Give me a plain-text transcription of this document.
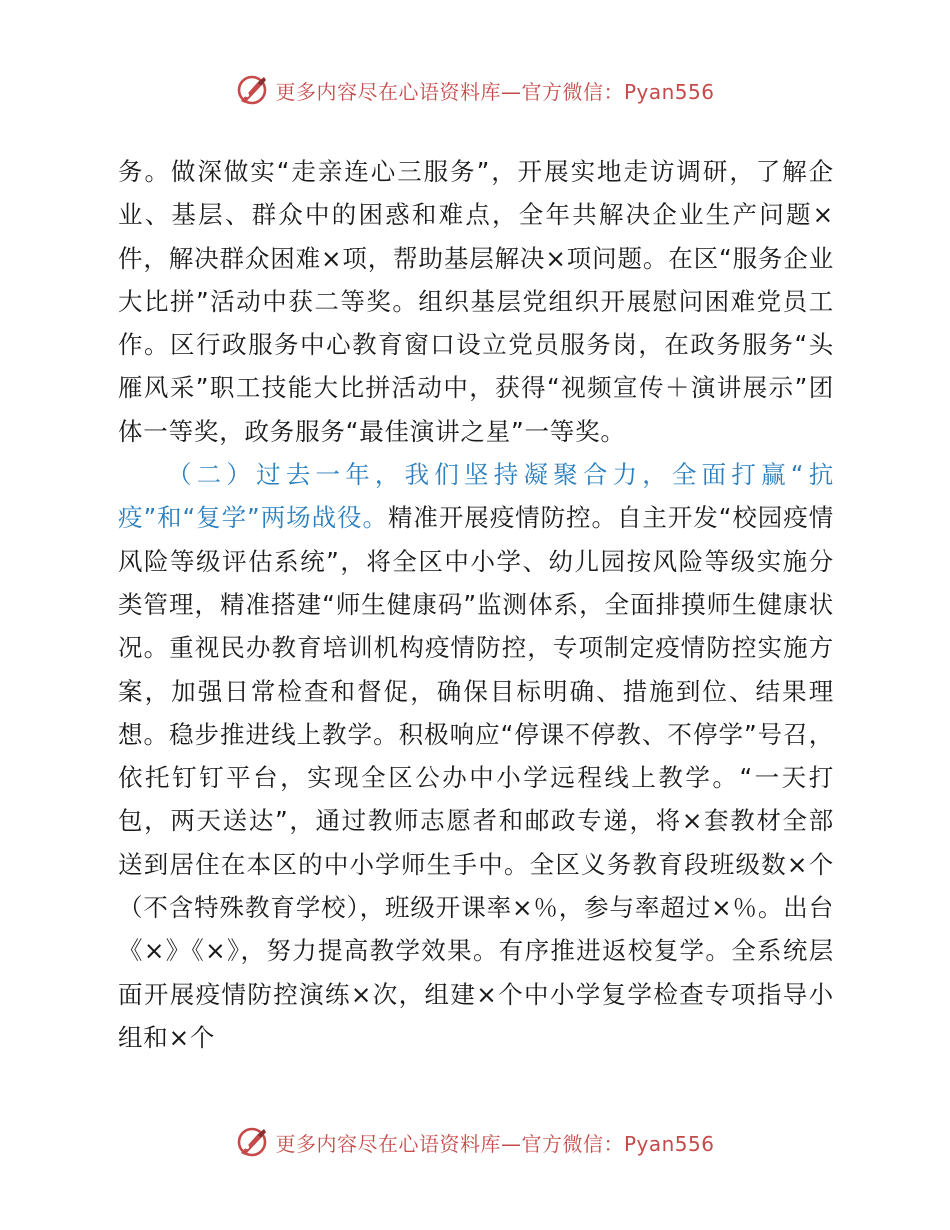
更多内容尽在心语资料库—官方微信：Pyan556

务。做深做实“走亲连心三服务”，开展实地走访调研，了解企业、基层、群众中的困惑和难点，全年共解决企业生产问题×件，解决群众困难×项，帮助基层解决×项问题。在区“服务企业大比拼”活动中获二等奖。组织基层党组织开展慰问困难党员工作。区行政服务中心教育窗口设立党员服务岗，在政务服务“头雁风采”职工技能大比拼活动中，获得“视频宣传＋演讲展示”团体一等奖，政务服务“最佳演讲之星”一等奖。

（二）过去一年，我们坚持凝聚合力，全面打赢“抗疫”和“复学”两场战役。精准开展疫情防控。自主开发“校园疫情风险等级评估系统”，将全区中小学、幼儿园按风险等级实施分类管理，精准搭建“师生健康码”监测体系，全面排摸师生健康状况。重视民办教育培训机构疫情防控，专项制定疫情防控实施方案，加强日常检查和督促，确保目标明确、措施到位、结果理想。稳步推进线上教学。积极响应“停课不停教、不停学”号召，依托钉钉平台，实现全区公办中小学远程线上教学。“一天打包，两天送达”，通过教师志愿者和邮政专递，将×套教材全部送到居住在本区的中小学师生手中。全区义务教育段班级数×个（不含特殊教育学校），班级开课率×％，参与率超过×％。出台《×》《×》，努力提高教学效果。有序推进返校复学。全系统层面开展疫情防控演练×次，组建×个中小学复学检查专项指导小组和×个

更多内容尽在心语资料库—官方微信：Pyan556
